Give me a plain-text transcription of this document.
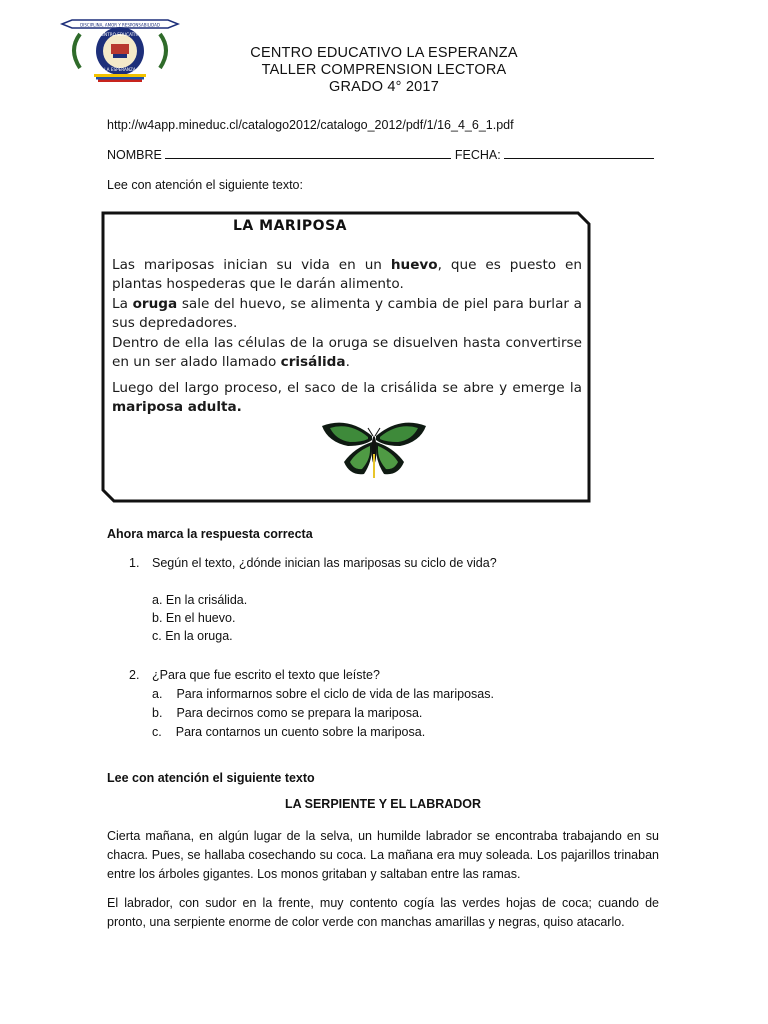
DISCIPLINA, AMOR Y RESPONSABILIDAD
CENTRO EDUCATIVO
LA ESPERANZA
CENTRO EDUCATIVO LA ESPERANZA
TALLER COMPRENSION LECTORA
GRADO 4° 2017
http://w4app.mineduc.cl/catalogo2012/catalogo_2012/pdf/1/16_4_6_1.pdf
NOMBRE	FECHA:
Lee con atención el siguiente texto:
LA MARIPOSA

Las mariposas inician su vida en un huevo, que es puesto en plantas hospederas que le darán alimento.

La oruga sale del huevo, se alimenta y cambia de piel para burlar a sus depredadores.

Dentro de ella las células de la oruga se disuelven hasta convertirse en un ser alado llamado crisálida.

Luego del largo proceso, el saco de la crisálida se abre y emerge la mariposa adulta.

Ahora marca la respuesta correcta
1. Según el texto, ¿dónde inician las mariposas su ciclo de vida?
a. En la crisálida.
b. En el huevo.
c. En la oruga.
2. ¿Para que fue escrito el texto que leíste?
a. Para informarnos sobre el ciclo de vida de las mariposas.
b. Para decirnos como se prepara la mariposa.
c. Para contarnos un cuento sobre la mariposa.
Lee con atención el siguiente texto
LA SERPIENTE Y EL LABRADOR
Cierta mañana, en algún lugar de la selva, un humilde labrador se encontraba trabajando en su chacra. Pues, se hallaba cosechando su coca. La mañana era muy soleada. Los pajarillos trinaban entre los árboles gigantes. Los monos gritaban y saltaban entre las ramas.
El labrador, con sudor en la frente, muy contento cogía las verdes hojas de coca; cuando de pronto, una serpiente enorme de color verde con manchas amarillas y negras, quiso atacarlo.
